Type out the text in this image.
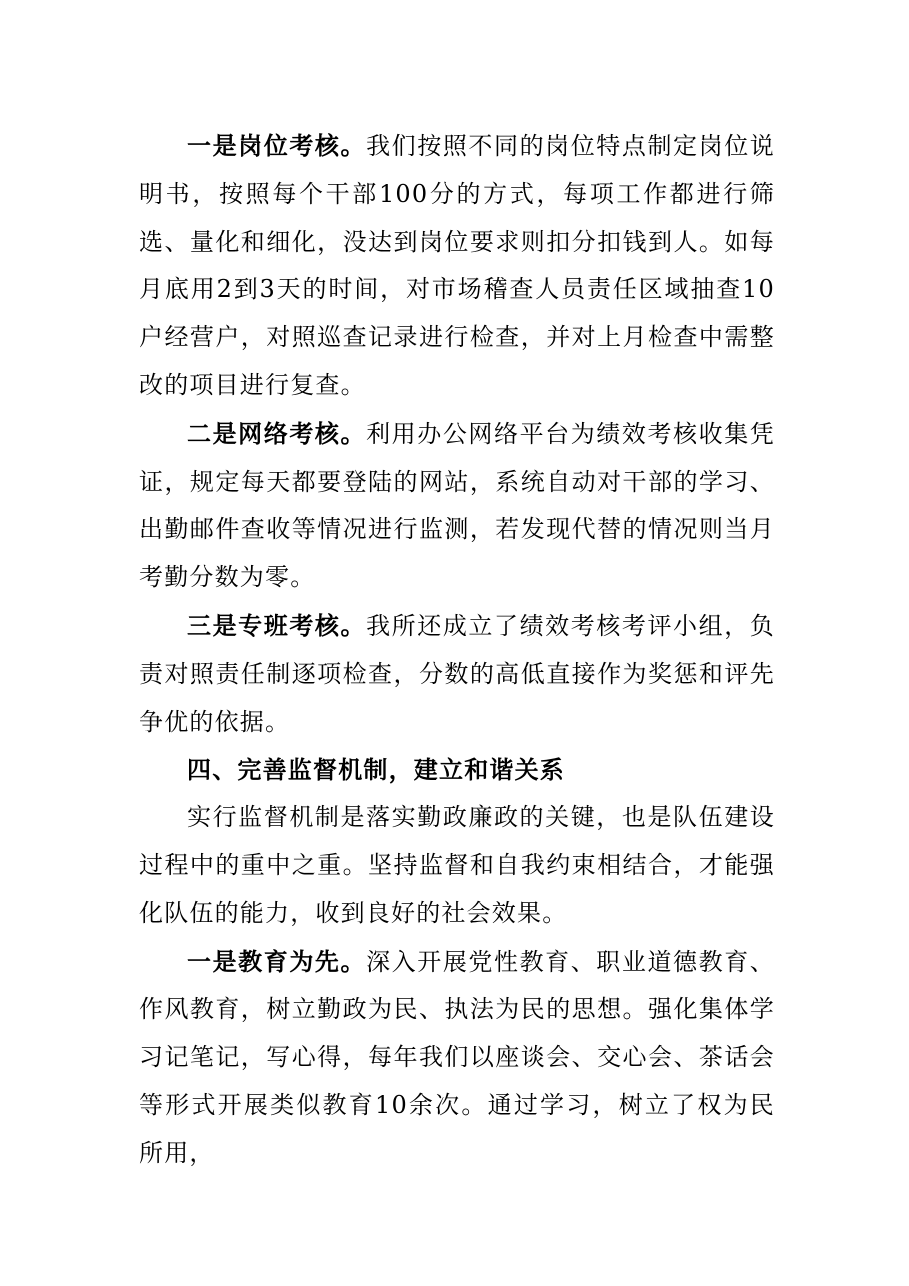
一是岗位考核。我们按照不同的岗位特点制定岗位说明书，按照每个干部100分的方式，每项工作都进行筛选、量化和细化，没达到岗位要求则扣分扣钱到人。如每月底用2到3天的时间，对市场稽查人员责任区域抽查10户经营户，对照巡查记录进行检查，并对上月检查中需整改的项目进行复查。

二是网络考核。利用办公网络平台为绩效考核收集凭证，规定每天都要登陆的网站，系统自动对干部的学习、出勤邮件查收等情况进行监测，若发现代替的情况则当月考勤分数为零。

三是专班考核。我所还成立了绩效考核考评小组，负责对照责任制逐项检查，分数的高低直接作为奖惩和评先争优的依据。

四、完善监督机制，建立和谐关系

实行监督机制是落实勤政廉政的关键，也是队伍建设过程中的重中之重。坚持监督和自我约束相结合，才能强化队伍的能力，收到良好的社会效果。

一是教育为先。深入开展党性教育、职业道德教育、作风教育，树立勤政为民、执法为民的思想。强化集体学习记笔记，写心得，每年我们以座谈会、交心会、茶话会等形式开展类似教育10余次。通过学习，树立了权为民所用，
